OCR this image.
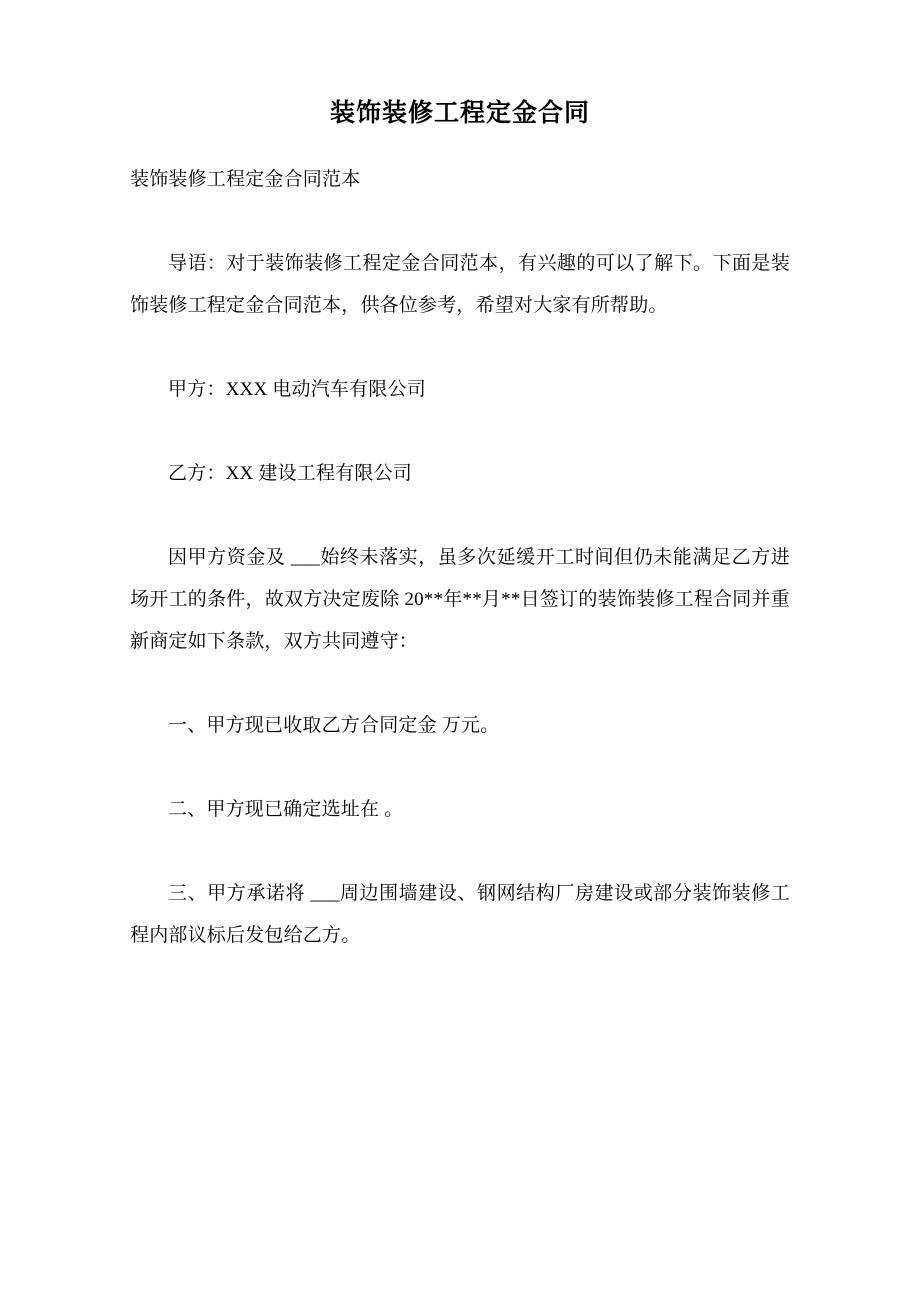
装饰装修工程定金合同

装饰装修工程定金合同范本

导语：对于装饰装修工程定金合同范本，有兴趣的可以了解下。下面是装饰装修工程定金合同范本，供各位参考，希望对大家有所帮助。

甲方：XXX 电动汽车有限公司

乙方：XX 建设工程有限公司

因甲方资金及 ___始终未落实，虽多次延缓开工时间但仍未能满足乙方进场开工的条件，故双方决定废除 20**年**月**日签订的装饰装修工程合同并重新商定如下条款，双方共同遵守：

一、甲方现已收取乙方合同定金 万元。

二、甲方现已确定选址在 。

三、甲方承诺将 ___周边围墙建设、钢网结构厂房建设或部分装饰装修工程内部议标后发包给乙方。
